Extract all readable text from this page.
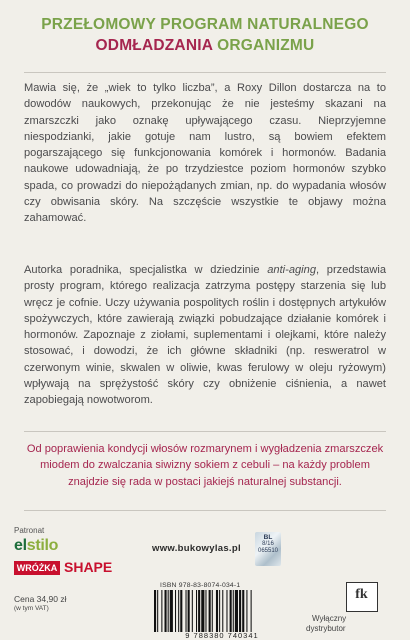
PRZEŁOMOWY PROGRAM NATURALNEGO
ODMŁADZANIA ORGANIZMU

Mawia się, że „wiek to tylko liczba”, a Roxy Dillon dostarcza na to dowodów naukowych, przekonując że nie jesteśmy skazani na zmarszczki jako oznakę upływającego czasu. Nieprzyjemne niespodzianki, jakie gotuje nam lustro, są bowiem efektem pogarszającego się funkcjonowania komórek i hormonów. Badania naukowe udowadniają, że po trzydziestce poziom hormonów szybko spada, co prowadzi do niepożądanych zmian, np. do wypadania włosów czy obwisania skóry. Na szczęście wszystkie te objawy można zahamować.

Autorka poradnika, specjalistka w dziedzinie anti-aging, przedstawia prosty program, którego realizacja zatrzyma postępy starzenia się lub wręcz je cofnie. Uczy używania pospolitych roślin i dostępnych artykułów spożywczych, które zawierają związki pobudzające działanie komórek i hormonów. Zapoznaje z ziołami, suplementami i olejkami, które należy stosować, i dowodzi, że ich główne składniki (np. resweratrol w czerwonym winie, skwalen w oliwie, kwas ferulowy w oleju ryżowym) wpływają na sprężystość skóry czy obniżenie ciśnienia, a nawet zapobiegają nowotworom.

Od poprawienia kondycji włosów rozmarynem i wygładzenia zmarszczek miodem do zwalczania siwizny sokiem z cebuli – na każdy problem znajdzie się rada w postaci jakiejś naturalnej substancji.

Patronat
elstilo
WRÓŻKA SHAPE
Cena 34,90 zł
(w tym VAT)
www.bukowylas.pl
BL
8/16
065510
ISBN 978-83-8074-034-1
9 788380 740341
fk
Wyłączny
dystrybutor
